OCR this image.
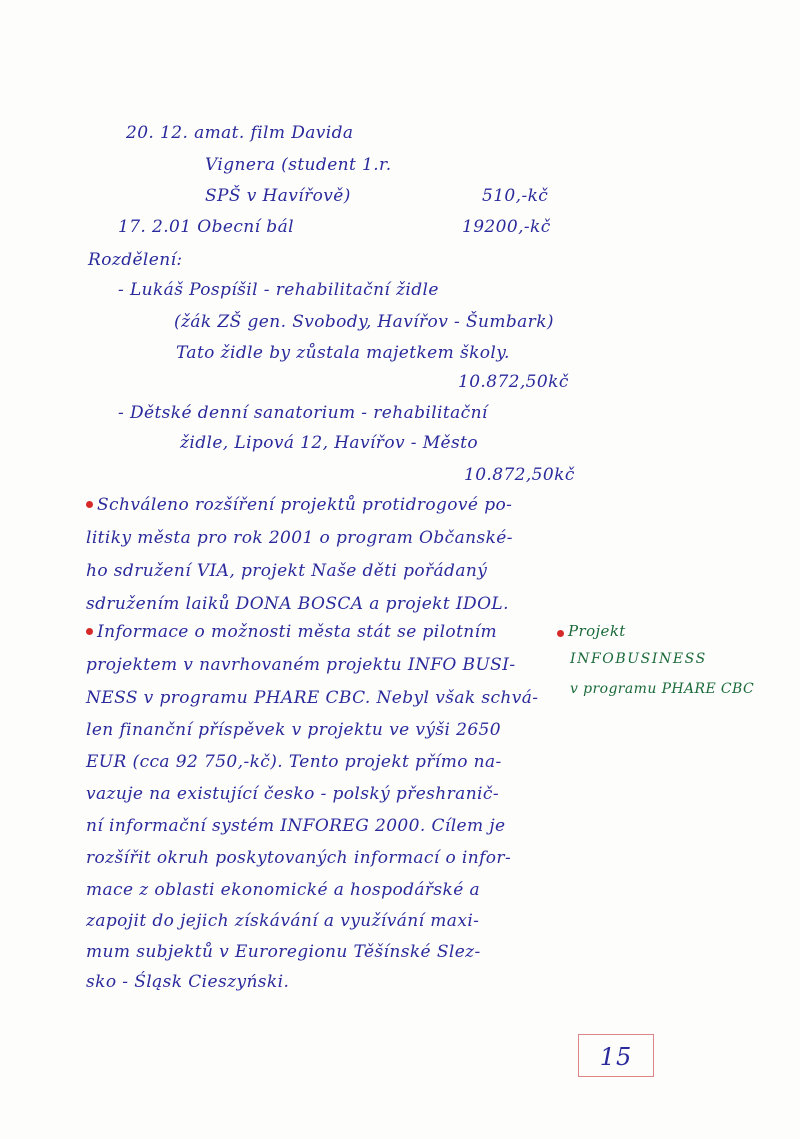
20. 12. amat. film Davida
Vignera (student 1.r.
SPŠ v Havířově)	510,-kč
17. 2.01 Obecní bál	19200,-kč
Rozdělení:
- Lukáš Pospíšil - rehabilitační židle
(žák ZŠ gen. Svobody, Havířov - Šumbark)
Tato židle by zůstala majetkem školy.
10.872,50kč
- Dětské denní sanatorium - rehabilitační
židle, Lipová 12, Havířov - Město
10.872,50kč
Schváleno rozšíření projektů protidrogové po-
litiky města pro rok 2001 o program Občanské-
ho sdružení VIA, projekt Naše děti pořádaný
sdružením laiků DONA BOSCA a projekt IDOL.
Informace o možnosti města stát se pilotním
projektem v navrhovaném projektu INFO BUSI-
NESS v programu PHARE CBC. Nebyl však schvá-
len finanční příspěvek v projektu ve výši 2650
EUR (cca 92 750,-kč). Tento projekt přímo na-
vazuje na existující česko - polský přeshranič-
ní informační systém INFOREG 2000. Cílem je
rozšířit okruh poskytovaných informací o infor-
mace z oblasti ekonomické a hospodářské a
zapojit do jejich získávání a využívání maxi-
mum subjektů v Euroregionu Těšínské Slez-
sko - Śląsk Cieszyński.
Projekt
INFOBUSINESS
v programu PHARE CBC
15
